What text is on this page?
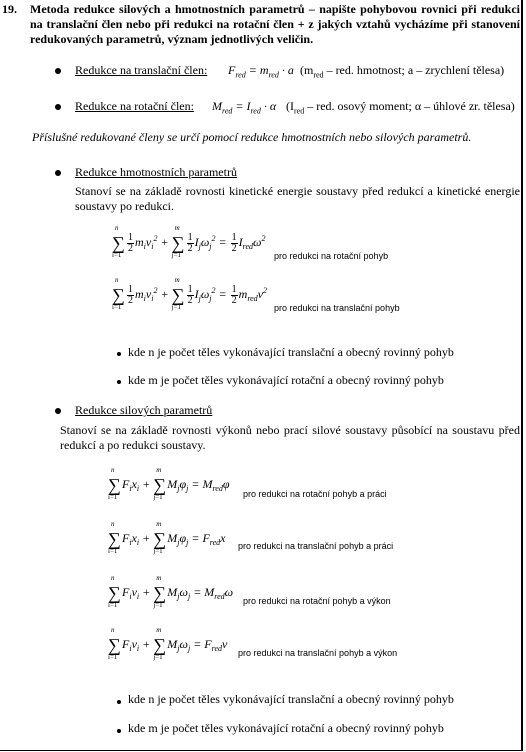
19. Metoda redukce silových a hmotnostních parametrů – napište pohybovou rovnici při redukci na translační člen nebo při redukci na rotační člen + z jakých vztahů vycházíme při stanovení redukovaných parametrů, význam jednotlivých veličin.
Redukce na translační člen: $F_{red} = m_{red} \cdot a$ ($m_{red}$ – red. hmotnost; a – zrychlení tělesa)
Redukce na rotační člen: $M_{red} = I_{red} \cdot \alpha$ ($I_{red}$ – red. osový moment; α – úhlové zr. tělesa)
Příslušné redukované členy se určí pomocí redukce hmotnostních nebo silových parametrů.
Redukce hmotnostních parametrů
Stanoví se na základě rovnosti kinetické energie soustavy před redukcí a kinetické energie soustavy po redukci.
n
∑
i=1
$\frac{1}{2} m_iv_i^2$ +
m
∑
j=1
$\frac{1}{2} I_j\omega_j^2 = \frac{1}{2} I_{red}\omega^2$
pro redukci na rotační pohyb
n
∑
i=1
$\frac{1}{2} m_iv_i^2$ +
m
∑
j=1
$\frac{1}{2} I_j\omega_j^2 = \frac{1}{2} m_{red}v^2$
pro redukci na translační pohyb
kde n je počet těles vykonávající translační a obecný rovinný pohyb
kde m je počet těles vykonávající rotační a obecný rovinný pohyb
Redukce silových parametrů
Stanoví se na základě rovnosti výkonů nebo prací silové soustavy působící na soustavu před redukcí a po redukci soustavy.
n
∑
i=1
$F_ix_i$ +
m
∑
j=1
$M_j\varphi_j = M_{red}\varphi$
pro redukci na rotační pohyb a práci
n
∑
i=1
$F_ix_i$ +
m
∑
j=1
$M_j\varphi_j = F_{red}x$
pro redukci na translační pohyb a práci
n
∑
i=1
$F_iv_i$ +
m
∑
j=1
$M_j\omega_j = M_{red}\omega$
pro redukci na rotační pohyb a výkon
n
∑
i=1
$F_iv_i$ +
m
∑
j=1
$M_j\omega_j = F_{red}v$
pro redukci na translační pohyb a výkon
kde n je počet těles vykonávající translační a obecný rovinný pohyb
kde m je počet těles vykonávající rotační a obecný rovinný pohyb
